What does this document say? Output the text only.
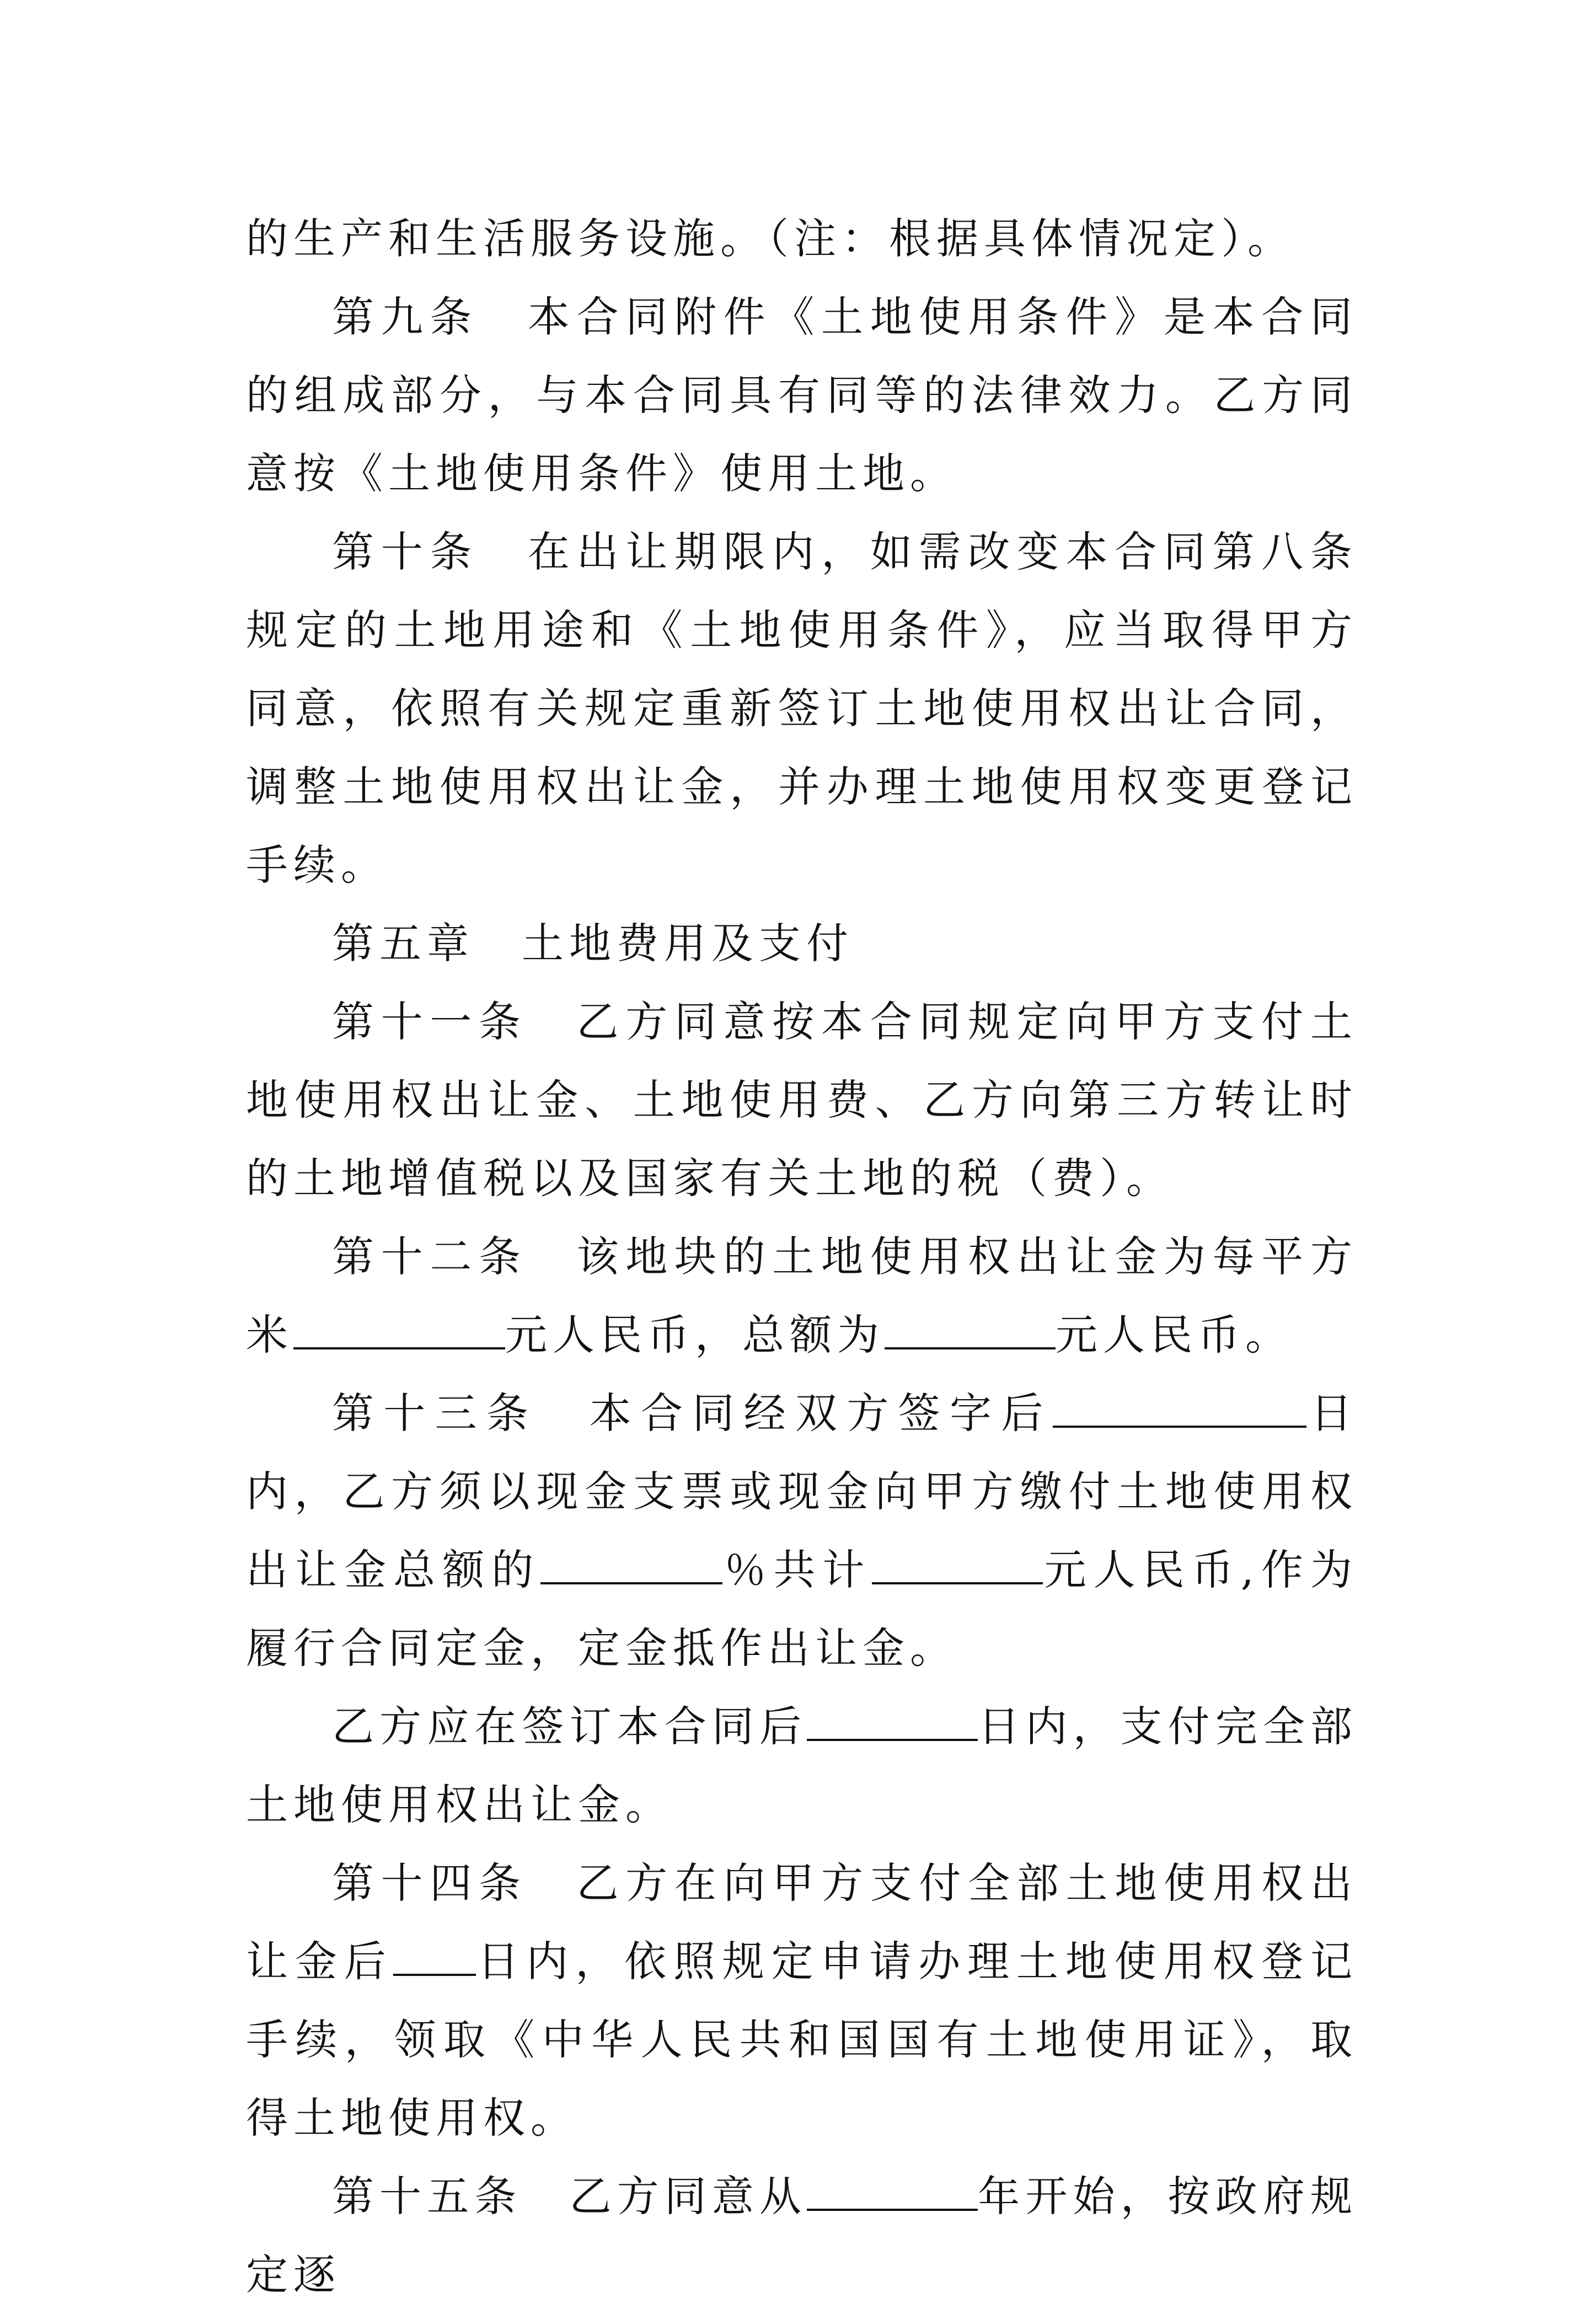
的生产和生活服务设施。（注：根据具体情况定）。

第九条　本合同附件《土地使用条件》是本合同的组成部分，与本合同具有同等的法律效力。乙方同意按《土地使用条件》使用土地。

第十条　在出让期限内，如需改变本合同第八条规定的土地用途和《土地使用条件》，应当取得甲方同意，依照有关规定重新签订土地使用权出让合同，调整土地使用权出让金，并办理土地使用权变更登记手续。

第五章　土地费用及支付

第十一条　乙方同意按本合同规定向甲方支付土地使用权出让金、土地使用费、乙方向第三方转让时的土地增值税以及国家有关土地的税（费）。

第十二条　该地块的土地使用权出让金为每平方米	元人民币，总额为	元人民币。

第十三条　本合同经双方签字后	日内，乙方须以现金支票或现金向甲方缴付土地使用权出让金总额的	％共计	元人民币,作为履行合同定金，定金抵作出让金。

乙方应在签订本合同后	日内，支付完全部土地使用权出让金。

第十四条　乙方在向甲方支付全部土地使用权出让金后 日内，依照规定申请办理土地使用权登记手续，领取《中华人民共和国国有土地使用证》，取得土地使用权。

第十五条　乙方同意从	年开始，按政府规定逐
